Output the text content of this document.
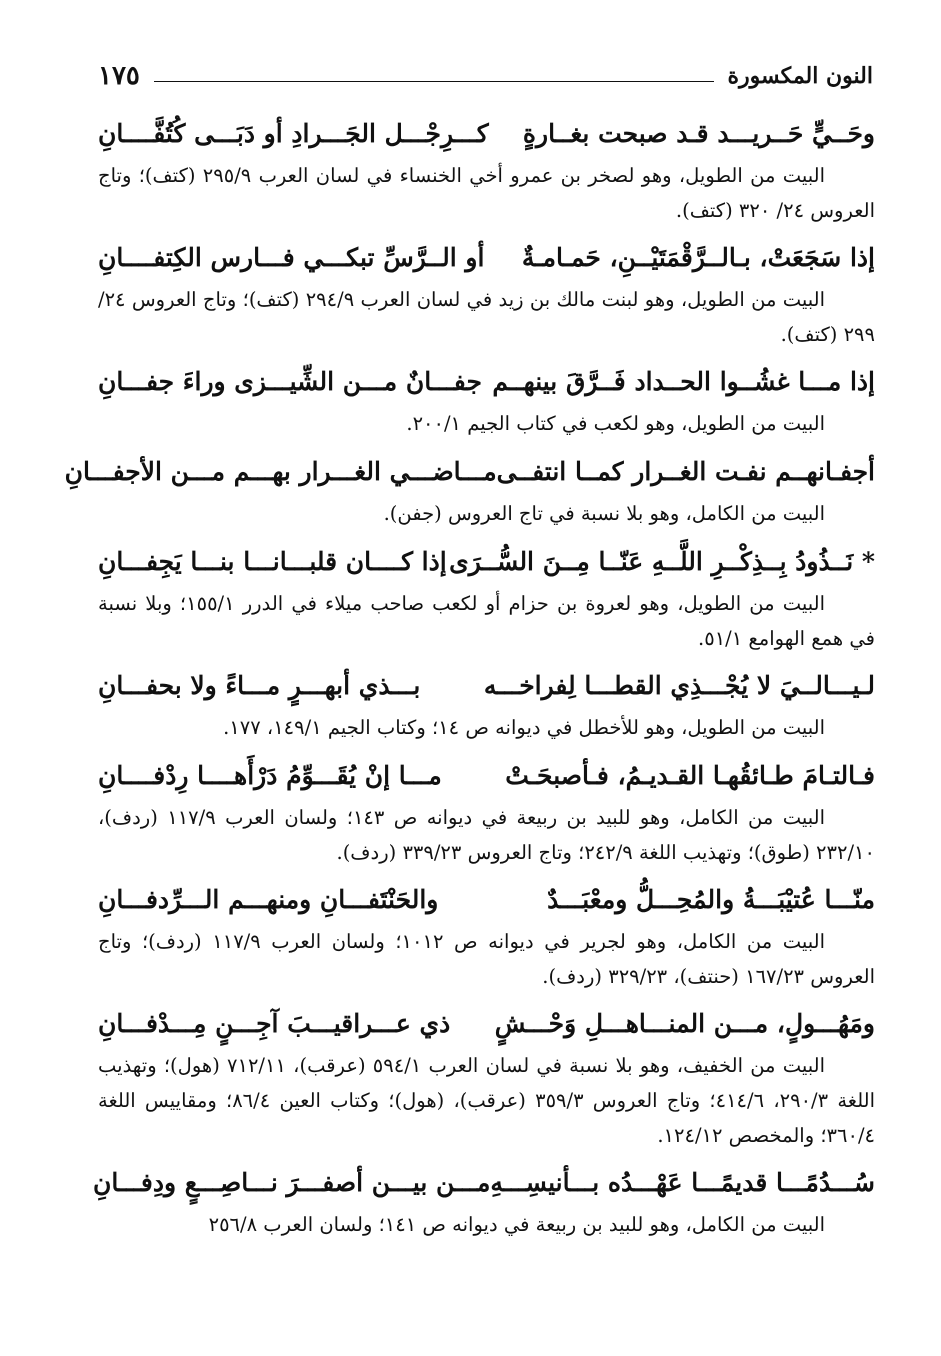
النون المكسورة
١٧٥
وحَــيٍّ حَــريـــد قـد صبحت بغــارةٍ
كـــرِجْـــل الجَـــرادِ أو دَبَـــى كُتُفَّــــانِ

البيت من الطويل، وهو لصخر بن عمرو أخي الخنساء في لسان العرب ٢٩٥/٩ (كتف)؛ وتاج العروس ٢٤/ ٣٢٠ (كتف).

إذا سَجَعَتْ، بـالــرَّقْمَتَيْــنِ، حَمـامـةٌ
أو الــرَّسِّ تبكـــي فـــارس الكِتفــــانِ

البيت من الطويل، وهو لبنت مالك بن زيد في لسان العرب ٢٩٤/٩ (كتف)؛ وتاج العروس ٢٤/ ٢٩٩ (كتف).

إذا مـــا غشُــوا الحــداد فَــرَّقَ بينهــم
جفـــانٌ مـــن الشِّيـــزى وراءَ جفـــانِ

البيت من الطويل، وهو لكعب في كتاب الجيم ٢٠٠/١.

أجفـانهــم نفـت الغــرار كمــا انتفــى
مـــاضـــي الغـــرار بهـــم مـــن الأجفـــانِ

البيت من الكامل، وهو بلا نسبة في تاج العروس (جفن).

* نَــذُودُ بِــذِكْــرِ اللَّــهِ عَنّــا مِــنَ السُّــرَى
إذا كــــان قلبـــانـــا بنـــا يَجِفـــانِ

البيت من الطويل، وهو لعروة بن حزام أو لكعب صاحب ميلاء في الدرر ١٥٥/١؛ وبلا نسبة في همع الهوامع ٥١/١.

لـيـــالــيَ لا يُجْـــذِي القطـــا لِفراخـــه
بـــذي أبهـــرٍ مـــاءً ولا بحفـــانِ

البيت من الطويل، وهو للأخطل في ديوانه ص ١٤؛ وكتاب الجيم ١٤٩/١، ١٧٧.

فـالتـامَ طـائقُهـا القـديـمُ، فـأصبحَـتْ
مـــا إنْ يُقَـــوِّمُ دَرْأَهــــا رِدْفــــانِ

البيت من الكامل، وهو للبيد بن ربيعة في ديوانه ص ١٤٣؛ ولسان العرب ١١٧/٩ (ردف)، ٢٣٢/١٠ (طوق)؛ وتهذيب اللغة ٢٤٢/٩؛ وتاج العروس ٣٣٩/٢٣ (ردف).

منّـــا عُتيْبَـــةُ والمُحِـــلُّ ومعْبَـــدٌ
والحَنْتَفـــانِ ومنهـــم الـــرِّدفـــانِ

البيت من الكامل، وهو لجرير في ديوانه ص ١٠١٢؛ ولسان العرب ١١٧/٩ (ردف)؛ وتاج العروس ١٦٧/٢٣ (حنتف)، ٣٢٩/٢٣ (ردف).

ومَهُـــولٍ، مـــن المنـــاهـــلِ وَحْـــشٍ
ذي عـــراقيـــبَ آجِـــنٍ مِـــدْفـــانِ

البيت من الخفيف، وهو بلا نسبة في لسان العرب ٥٩٤/١ (عرقب)، ٧١٢/١١ (هول)؛ وتهذيب اللغة ٢٩٠/٣، ٤١٤/٦؛ وتاج العروس ٣٥٩/٣ (عرقب)، (هول)؛ وكتاب العين ٨٦/٤؛ ومقاييس اللغة ٣٦٠/٤؛ والمخصص ١٢٤/١٢.

سُـــدُمًـــا قديمًـــا عَهْـــدُه بـــأنيسِـــهِ
مـــن بيـــن أصفـــرَ نـــاصِـــعٍ ودِفـــانِ

البيت من الكامل، وهو للبيد بن ربيعة في ديوانه ص ١٤١؛ ولسان العرب ٢٥٦/٨
